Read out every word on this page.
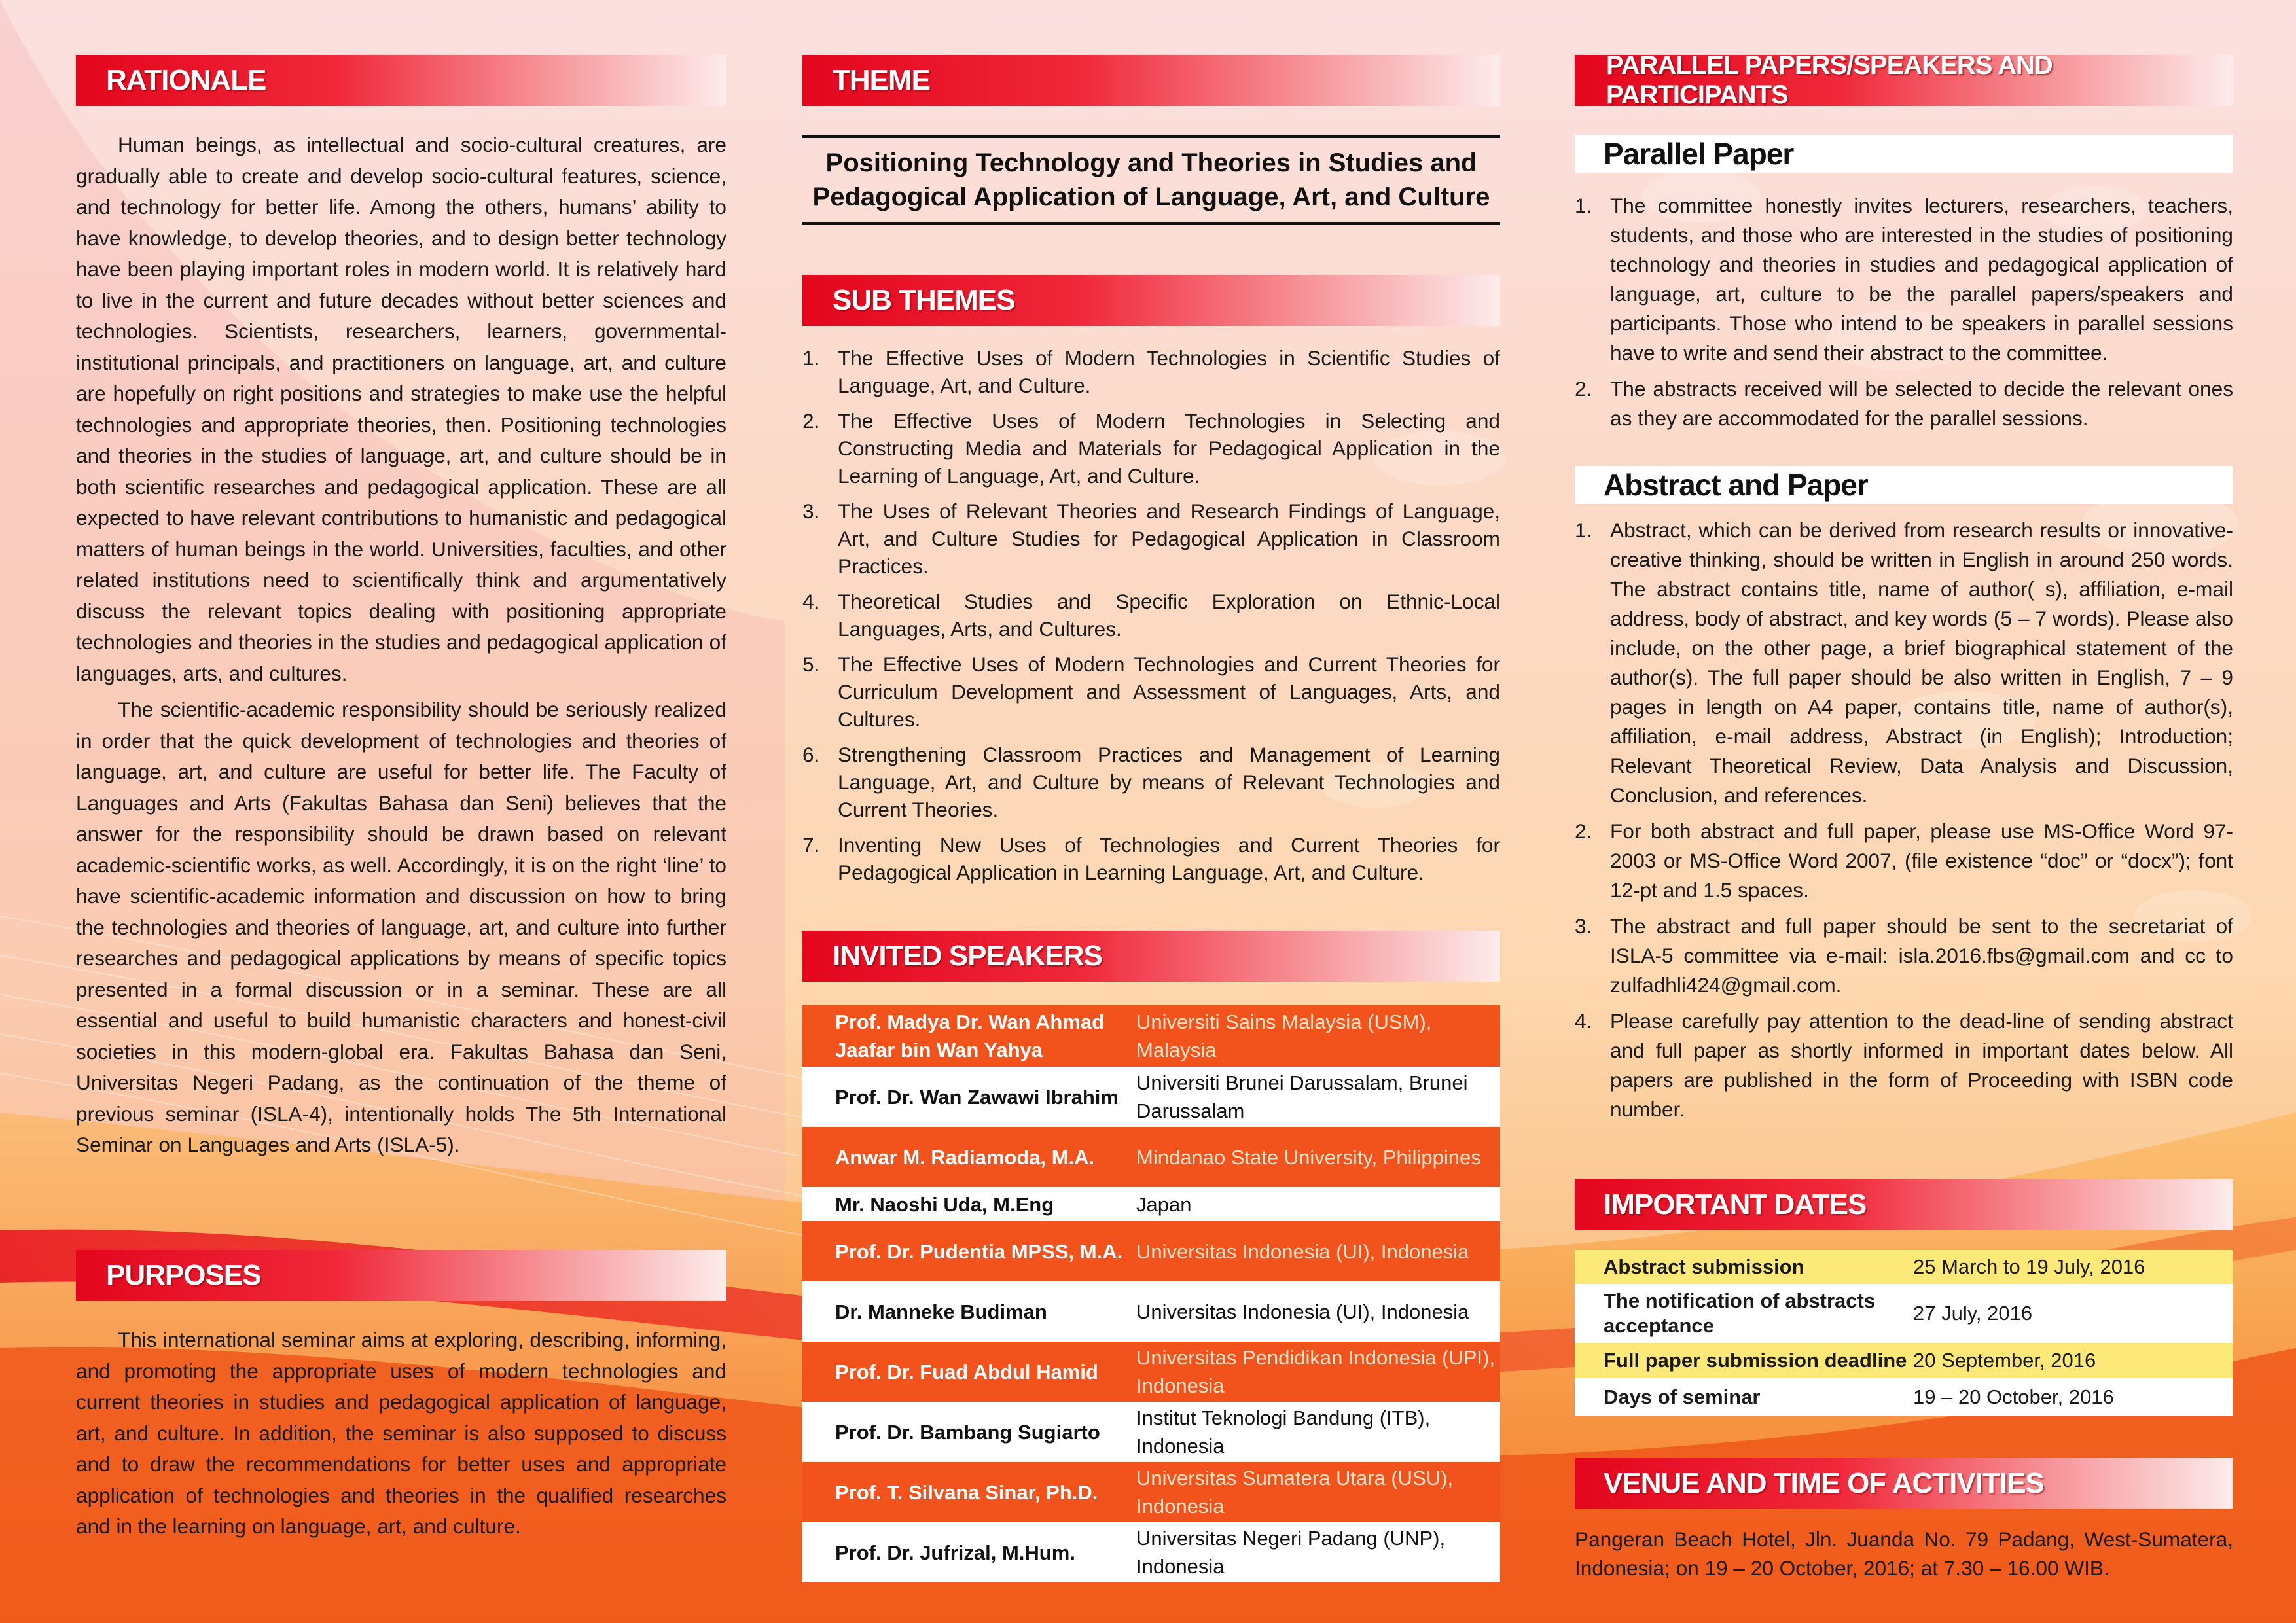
RATIONALE

Human beings, as intellectual and socio-cultural creatures, are gradually able to create and develop socio-cultural features, science, and technology for better life. Among the others, humans’ ability to have knowledge, to develop theories, and to design better technology have been playing important roles in modern world. It is relatively hard to live in the current and future decades without better sciences and technologies. Scientists, researchers, learners, governmental-institutional principals, and practitioners on language, art, and culture are hopefully on right positions and strategies to make use the helpful technologies and appropriate theories, then. Positioning technologies and theories in the studies of language, art, and culture should be in both scientific researches and pedagogical application. These are all expected to have relevant contributions to humanistic and pedagogical matters of human beings in the world. Universities, faculties, and other related institutions need to scientifically think and argumentatively discuss the relevant topics dealing with positioning appropriate technologies and theories in the studies and pedagogical application of languages, arts, and cultures.

The scientific-academic responsibility should be seriously realized in order that the quick development of technologies and theories of language, art, and culture are useful for better life. The Faculty of Languages and Arts (Fakultas Bahasa dan Seni) believes that the answer for the responsibility should be drawn based on relevant academic-scientific works, as well. Accordingly, it is on the right ‘line’ to have scientific-academic information and discussion on how to bring the technologies and theories of language, art, and culture into further researches and pedagogical applications by means of specific topics presented in a formal discussion or in a seminar. These are all essential and useful to build humanistic characters and honest-civil societies in this modern-global era. Fakultas Bahasa dan Seni, Universitas Negeri Padang, as the continuation of the theme of previous seminar (ISLA-4), intentionally holds The 5th International Seminar on Languages and Arts (ISLA-5).

PURPOSES

This international seminar aims at exploring, describing, informing, and promoting the appropriate uses of modern technologies and current theories in studies and pedagogical application of language, art, and culture. In addition, the seminar is also supposed to discuss and to draw the recommendations for better uses and appropriate application of technologies and theories in the qualified researches and in the learning on language, art, and culture.

THEME
Positioning Technology and Theories in Studies and
Pedagogical Application of Language, Art, and Culture
SUB THEMES
1. The Effective Uses of Modern Technologies in Scientific Studies of Language, Art, and Culture.
2. The Effective Uses of Modern Technologies in Selecting and Constructing Media and Materials for Pedagogical Application in the Learning of Language, Art, and Culture.
3. The Uses of Relevant Theories and Research Findings of Language, Art, and Culture Studies for Pedagogical Application in Classroom Practices.
4. Theoretical Studies and Specific Exploration on Ethnic-Local Languages, Arts, and Cultures.
5. The Effective Uses of Modern Technologies and Current Theories for Curriculum Development and Assessment of Languages, Arts, and Cultures.
6. Strengthening Classroom Practices and Management of Learning Language, Art, and Culture by means of Relevant Technologies and Current Theories.
7. Inventing New Uses of Technologies and Current Theories for Pedagogical Application in Learning Language, Art, and Culture.
INVITED SPEAKERS
Prof. Madya Dr. Wan Ahmad Jaafar bin Wan Yahya	Universiti Sains Malaysia (USM), Malaysia
Prof. Dr. Wan Zawawi Ibrahim	Universiti Brunei Darussalam, Brunei Darussalam
Anwar M. Radiamoda, M.A.	Mindanao State University, Philippines
Mr. Naoshi Uda, M.Eng	Japan
Prof. Dr. Pudentia MPSS, M.A.	Universitas Indonesia (UI), Indonesia
Dr. Manneke Budiman	Universitas Indonesia (UI), Indonesia
Prof. Dr. Fuad Abdul Hamid	Universitas Pendidikan Indonesia (UPI), Indonesia
Prof. Dr. Bambang Sugiarto	Institut Teknologi Bandung (ITB), Indonesia
Prof. T. Silvana Sinar, Ph.D.	Universitas Sumatera Utara (USU), Indonesia
Prof. Dr. Jufrizal, M.Hum.	Universitas Negeri Padang (UNP), Indonesia
PARALLEL PAPERS/SPEAKERS AND PARTICIPANTS
Parallel Paper
1. The committee honestly invites lecturers, researchers, teachers, students, and those who are interested in the studies of positioning technology and theories in studies and pedagogical application of language, art, culture to be the parallel papers/speakers and participants. Those who intend to be speakers in parallel sessions have to write and send their abstract to the committee.
2. The abstracts received will be selected to decide the relevant ones as they are accommodated for the parallel sessions.
Abstract and Paper
1. Abstract, which can be derived from research results or innovative-creative thinking, should be written in English in around 250 words. The abstract contains title, name of author( s), affiliation, e-mail address, body of abstract, and key words (5 – 7 words). Please also include, on the other page, a brief biographical statement of the author(s). The full paper should be also written in English, 7 – 9 pages in length on A4 paper, contains title, name of author(s), affiliation, e-mail address, Abstract (in English); Introduction; Relevant Theoretical Review, Data Analysis and Discussion, Conclusion, and references.
2. For both abstract and full paper, please use MS-Office Word 97-2003 or MS-Office Word 2007, (file existence “doc” or “docx”); font 12-pt and 1.5 spaces.
3. The abstract and full paper should be sent to the secretariat of ISLA-5 committee via e-mail: isla.2016.fbs@gmail.com and cc to zulfadhli424@gmail.com.
4. Please carefully pay attention to the dead-line of sending abstract and full paper as shortly informed in important dates below. All papers are published in the form of Proceeding with ISBN code number.
IMPORTANT DATES
Abstract submission	25 March to 19 July, 2016
The notification of abstracts acceptance	27 July, 2016
Full paper submission deadline	20 September, 2016
Days of seminar	19 – 20 October, 2016
VENUE AND TIME OF ACTIVITIES
Pangeran Beach Hotel, Jln. Juanda No. 79 Padang, West-Sumatera, Indonesia; on 19 – 20 October, 2016; at 7.30 – 16.00 WIB.
